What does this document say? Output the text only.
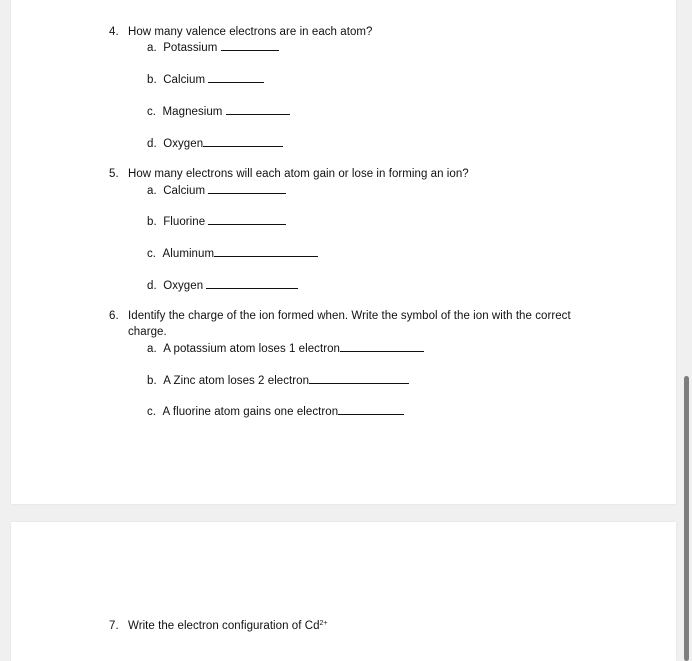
4. How many valence electrons are in each atom?
a. Potassium
b. Calcium
c. Magnesium
d. Oxygen
5. How many electrons will each atom gain or lose in forming an ion?
a. Calcium
b. Fluorine
c. Aluminum
d. Oxygen
6. Identify the charge of the ion formed when. Write the symbol of the ion with the correct
charge.
a. A potassium atom loses 1 electron
b. A Zinc atom loses 2 electron
c. A fluorine atom gains one electron
7. Write the electron configuration of $Cd^{2+}$
